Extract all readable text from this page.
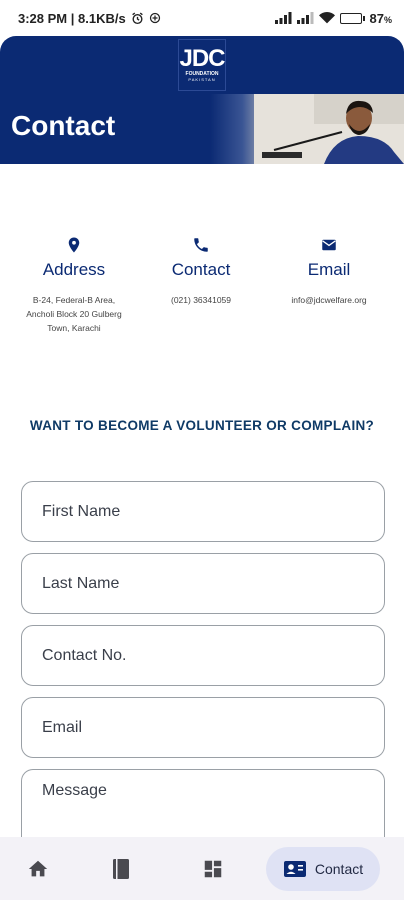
3:28 PM | 8.1KB/s	87%
JDC
FOUNDATION
PAKISTAN
Contact
Address
B-24, Federal-B Area, Ancholi Block 20 Gulberg Town, Karachi
Contact
(021) 36341059
Email
info@jdcwelfare.org
WANT TO BECOME A VOLUNTEER OR COMPLAIN?
First Name
Last Name
Contact No.
Email
Message
Contact
